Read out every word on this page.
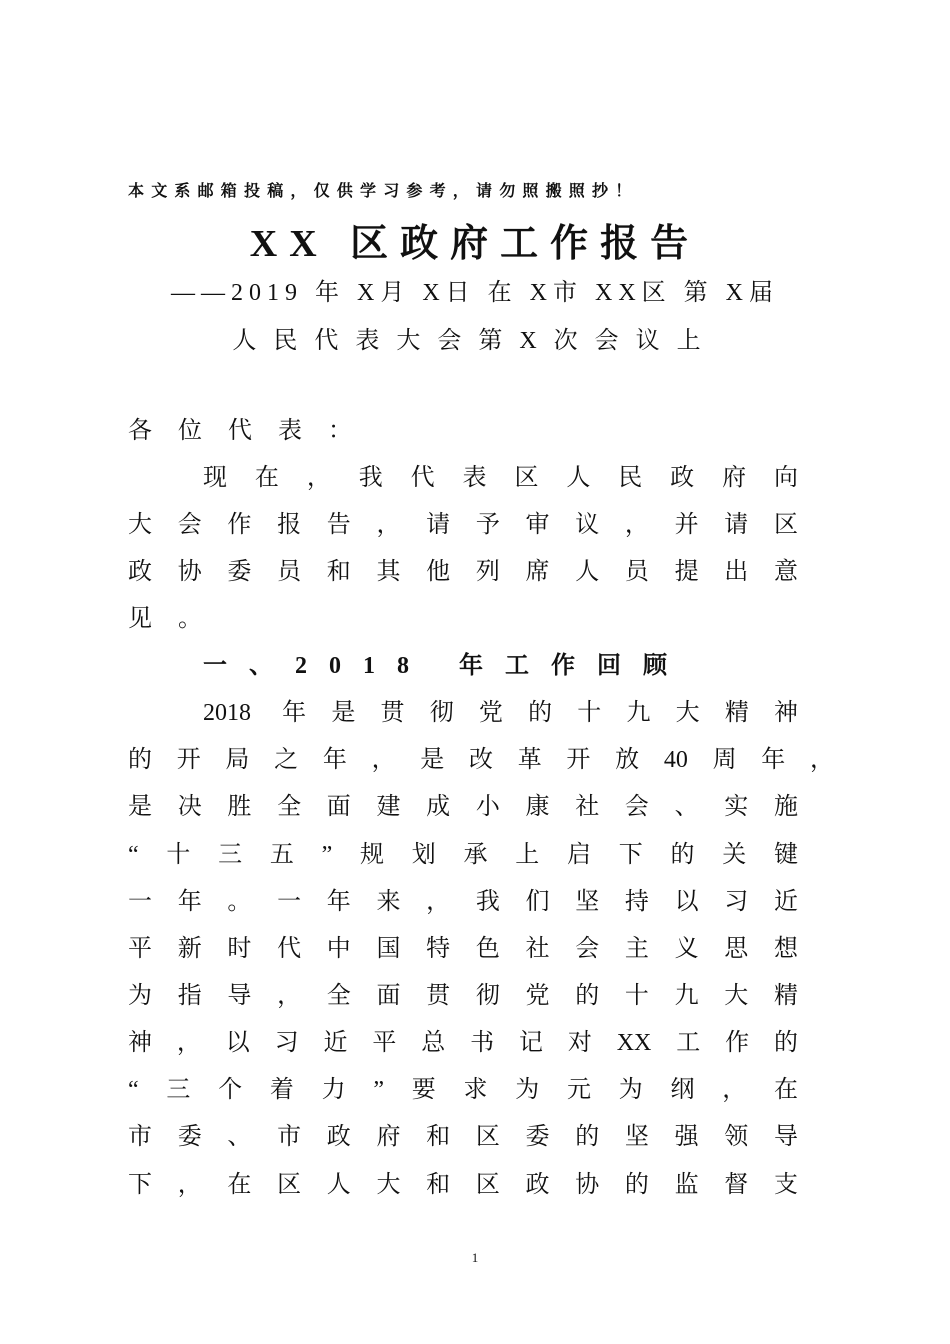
本文系邮箱投稿，仅供学习参考，请勿照搬照抄！
XX 区政府工作报告
——2019 年 X月 X日 在 X市 XX区 第 X届
人民代表大会第X次会议上
各位代表：
现在，我代表区人民政府向
大会作报告，请予审议，并请区
政协委员和其他列席人员提出意
见。
一、2018 年工作回顾
2018 年是贯彻党的十九大精神
的开局之年，是改革开放40周年，
是决胜全面建成小康社会、实施
“十三五”规划承上启下的关键
一年。一年来，我们坚持以习近
平新时代中国特色社会主义思想
为指导，全面贯彻党的十九大精
神，以习近平总书记对XX工作的
“三个着力”要求为元为纲，在
市委、市政府和区委的坚强领导
下，在区人大和区政协的监督支
1
